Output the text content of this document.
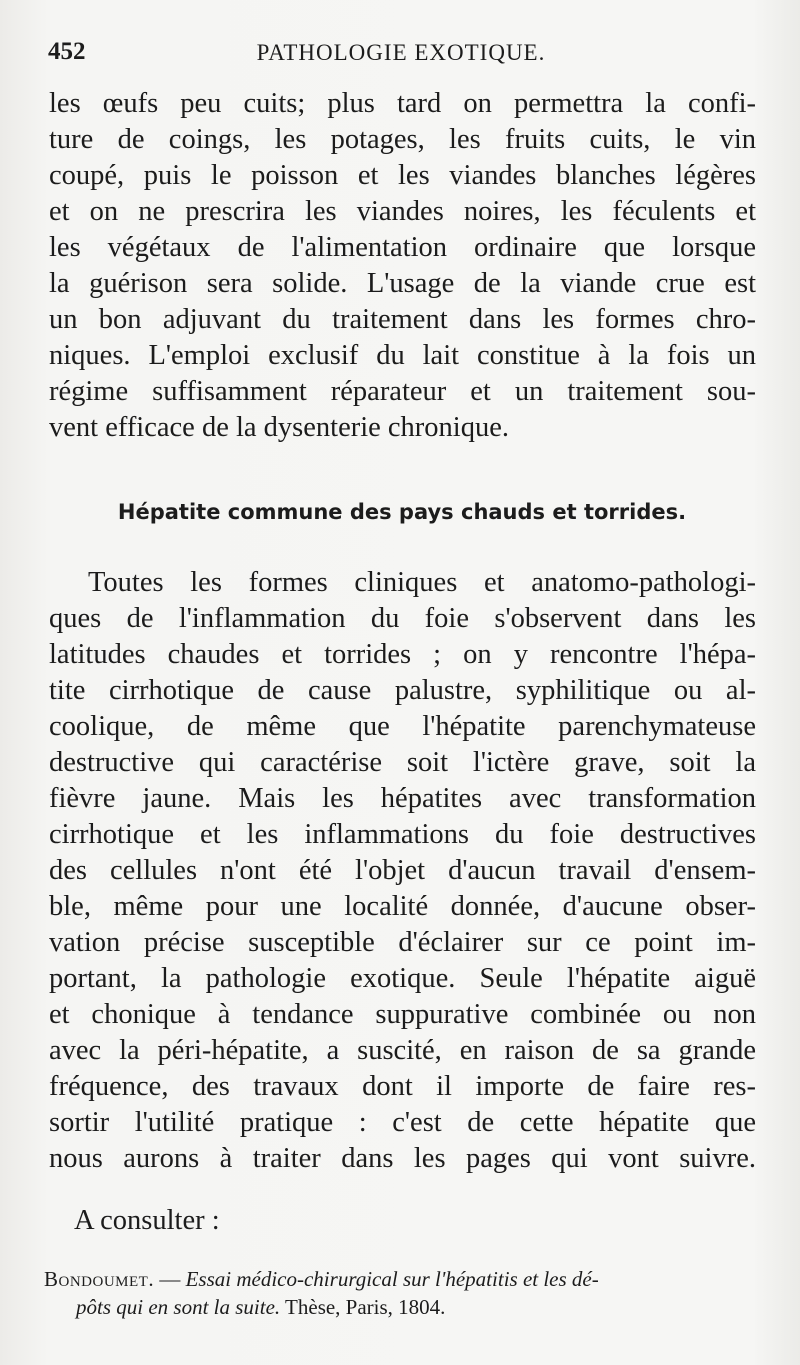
452	PATHOLOGIE EXOTIQUE.
les œufs peu cuits; plus tard on permettra la confi-
ture de coings, les potages, les fruits cuits, le vin
coupé, puis le poisson et les viandes blanches légères
et on ne prescrira les viandes noires, les féculents et
les végétaux de l'alimentation ordinaire que lorsque
la guérison sera solide. L'usage de la viande crue est
un bon adjuvant du traitement dans les formes chro-
niques. L'emploi exclusif du lait constitue à la fois un
régime suffisamment réparateur et un traitement sou-
vent efficace de la dysenterie chronique.
Hépatite commune des pays chauds et torrides.
Toutes les formes cliniques et anatomo-pathologi-
ques de l'inflammation du foie s'observent dans les
latitudes chaudes et torrides ; on y rencontre l'hépa-
tite cirrhotique de cause palustre, syphilitique ou al-
coolique, de même que l'hépatite parenchymateuse
destructive qui caractérise soit l'ictère grave, soit la
fièvre jaune. Mais les hépatites avec transformation
cirrhotique et les inflammations du foie destructives
des cellules n'ont été l'objet d'aucun travail d'ensem-
ble, même pour une localité donnée, d'aucune obser-
vation précise susceptible d'éclairer sur ce point im-
portant, la pathologie exotique. Seule l'hépatite aiguë
et chonique à tendance suppurative combinée ou non
avec la péri-hépatite, a suscité, en raison de sa grande
fréquence, des travaux dont il importe de faire res-
sortir l'utilité pratique : c'est de cette hépatite que
nous aurons à traiter dans les pages qui vont suivre.
A consulter :
Bondoumet. — Essai médico-chirurgical sur l'hépatitis et les dé-
pôts qui en sont la suite. Thèse, Paris, 1804.
